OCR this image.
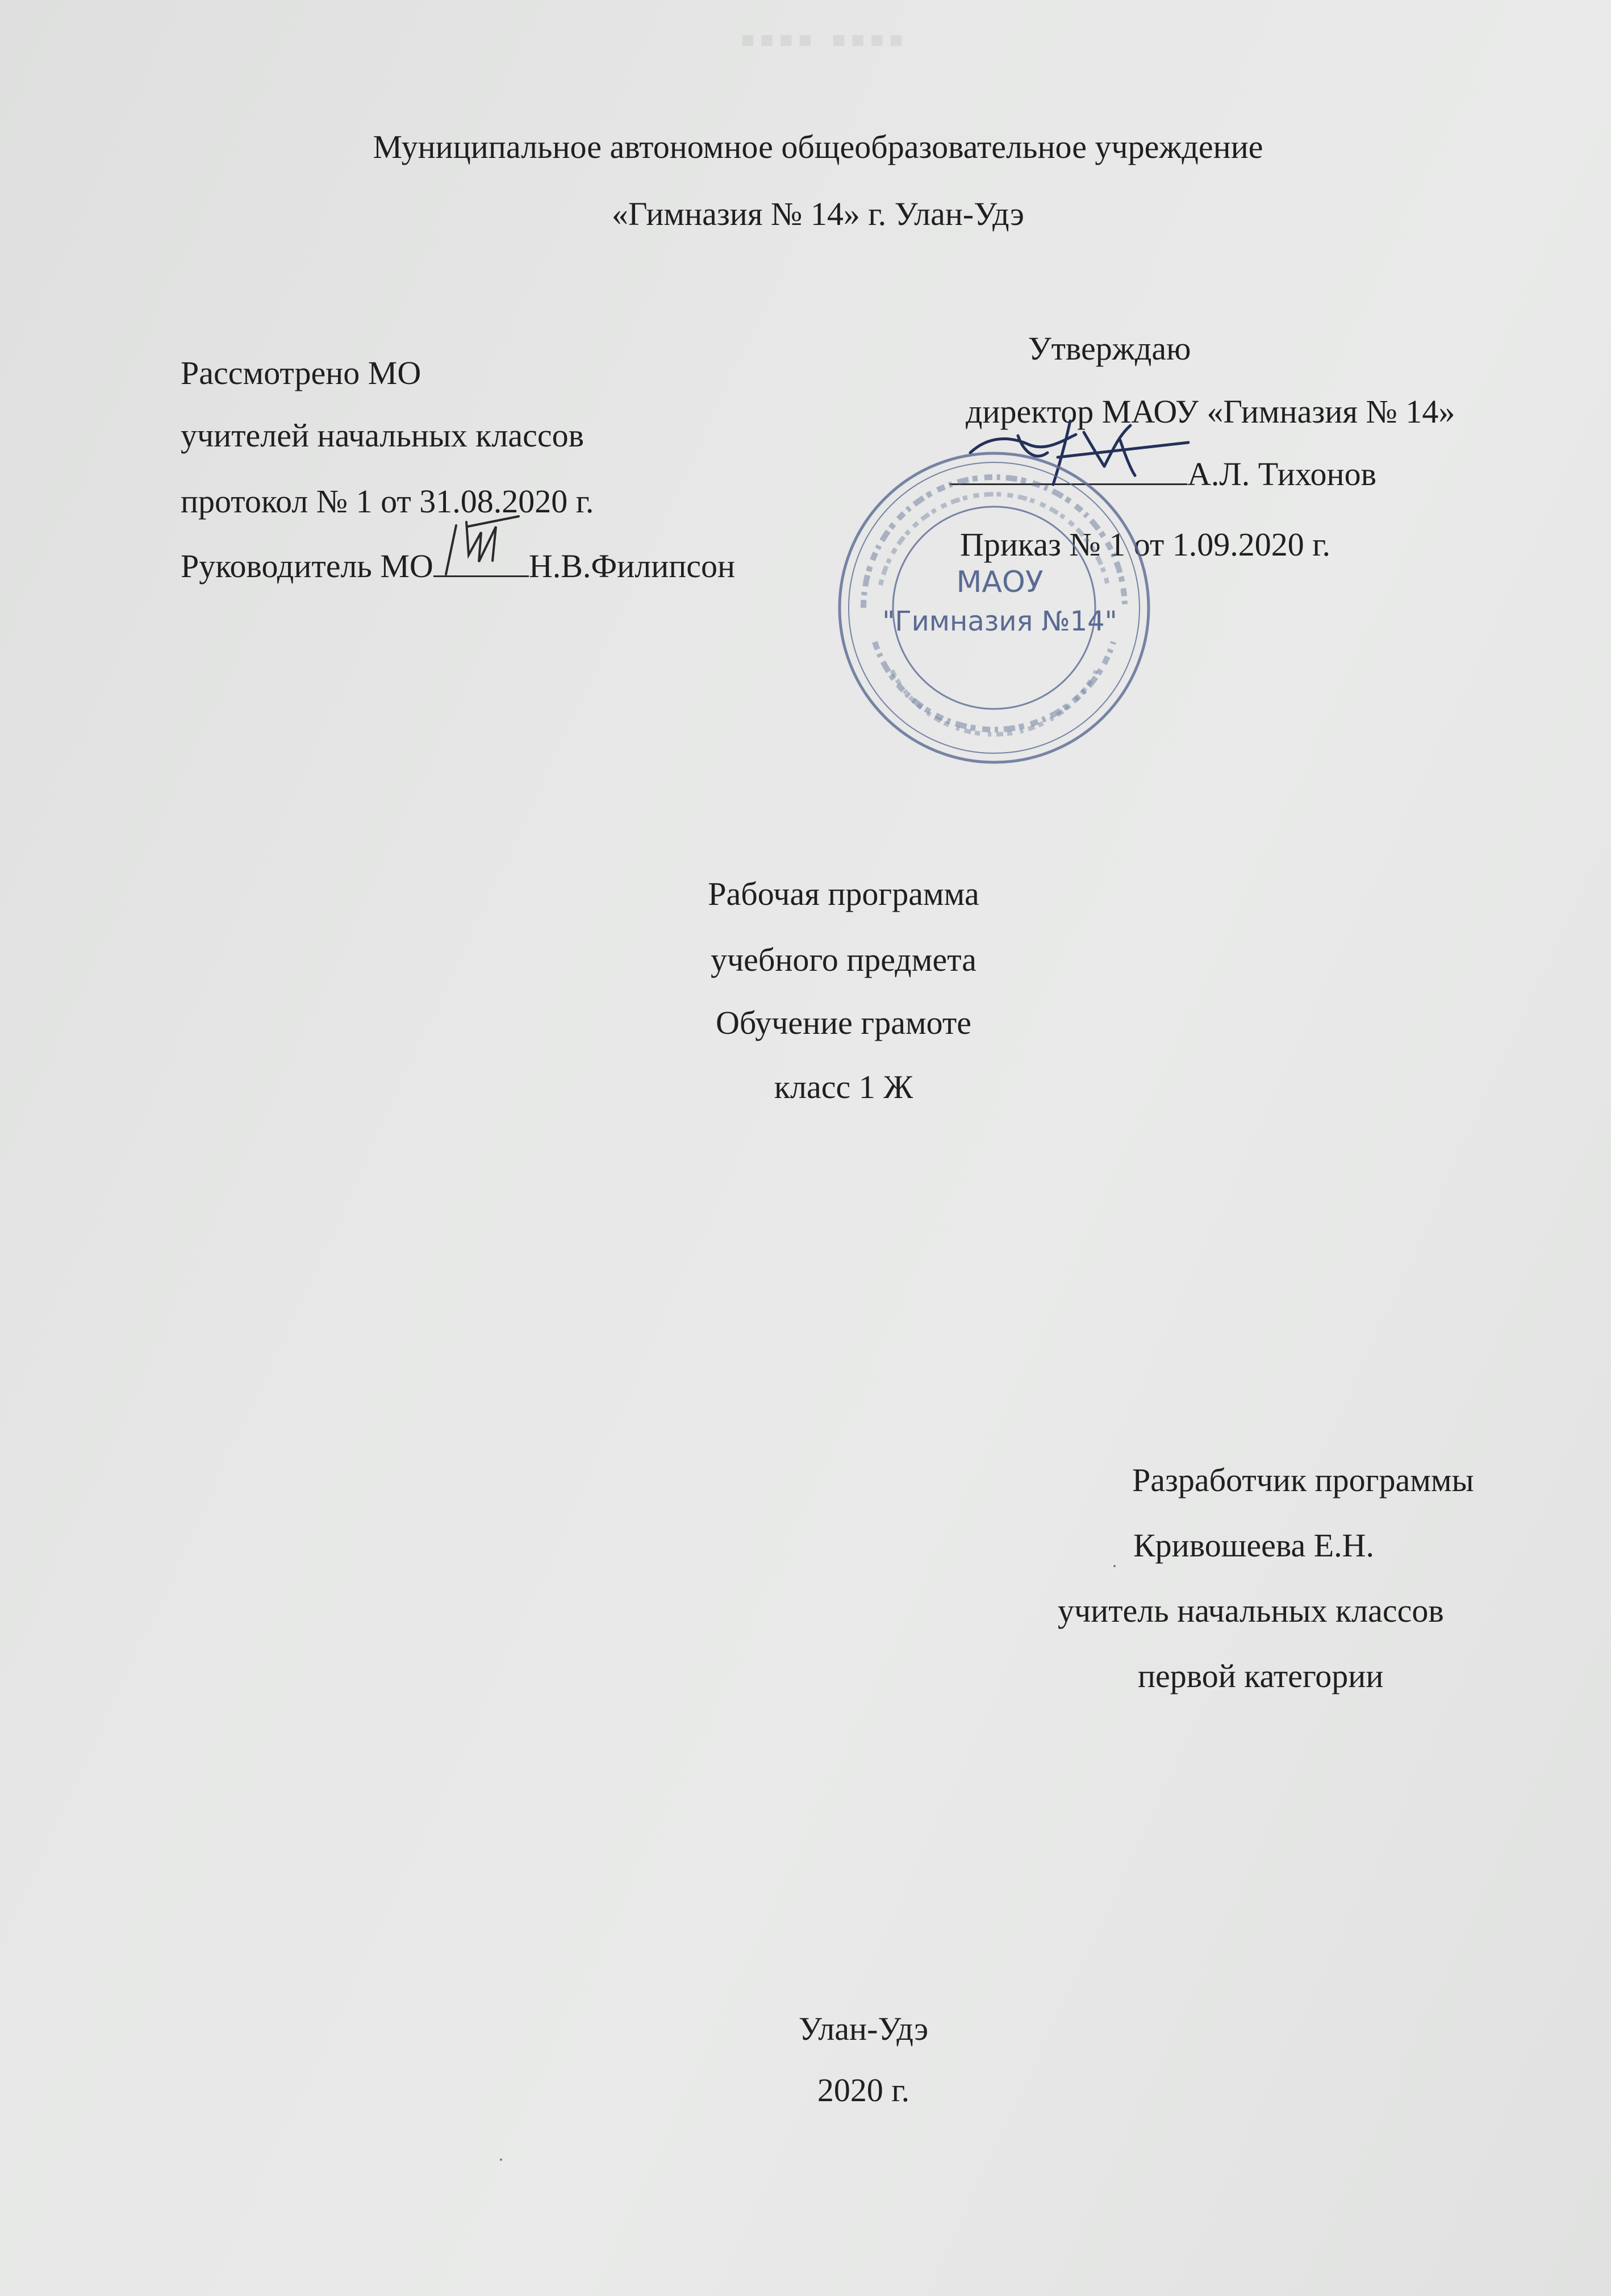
▪▪▪▪ ▪▪▪▪
Муниципальное автономное общеобразовательное учреждение
«Гимназия № 14» г. Улан-Удэ
Рассмотрено МО
учителей начальных классов
протокол № 1 от 31.08.2020 г.
Руководитель МО	Н.В.Филипсон
Утверждаю
директор МАОУ «Гимназия № 14»
А.Л. Тихонов
Приказ № 1 от 1.09.2020 г.
МАОУ
"Гимназия №14"
Рабочая программа
учебного предмета
Обучение грамоте
класс 1 Ж
Разработчик программы
Кривошеева Е.Н.
учитель начальных классов
первой категории
Улан-Удэ
2020 г.
